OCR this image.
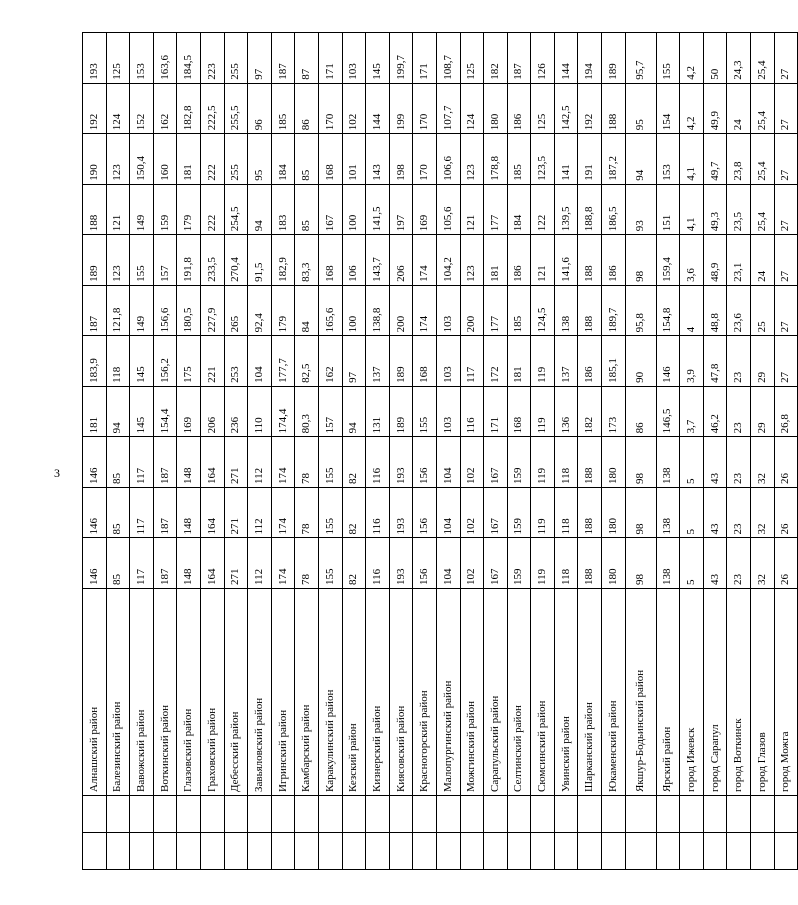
3
		Алнашский район	146	146	146	181	183,9	187	189	188	190	192	193
		Балезинский район	85	85	85	94	118	121,8	123	121	123	124	125
		Вавожский район	117	117	117	145	145	149	155	149	150,4	152	153
		Воткинский район	187	187	187	154,4	156,2	156,6	157	159	160	162	163,6
		Глазовский район	148	148	148	169	175	180,5	191,8	179	181	182,8	184,5
		Граховский район	164	164	164	206	221	227,9	233,5	222	222	222,5	223
		Дебесский район	271	271	271	236	253	265	270,4	254,5	255	255,5	255
		Завьяловский район	112	112	112	110	104	92,4	91,5	94	95	96	97
		Игринский район	174	174	174	174,4	177,7	179	182,9	183	184	185	187
		Камбарский район	78	78	78	80,3	82,5	84	83,3	85	85	86	87
		Каракулинский район	155	155	155	157	162	165,6	168	167	168	170	171
		Кезский район	82	82	82	94	97	100	106	100	101	102	103
		Кизнерский район	116	116	116	131	137	138,8	143,7	141,5	143	144	145
		Киясовский район	193	193	193	189	189	200	206	197	198	199	199,7
		Красногорский район	156	156	156	155	168	174	174	169	170	170	171
		Малопургинский район	104	104	104	103	103	103	104,2	105,6	106,6	107,7	108,7
		Можгинский район	102	102	102	116	117	200	123	121	123	124	125
		Сарапульский район	167	167	167	171	172	177	181	177	178,8	180	182
		Селтинский район	159	159	159	168	181	185	186	184	185	186	187
		Сюмсинский район	119	119	119	119	119	124,5	121	122	123,5	125	126
		Увинский район	118	118	118	136	137	138	141,6	139,5	141	142,5	144
		Шарканский район	188	188	188	182	186	188	188	188,8	191	192	194
		Юкаменский район	180	180	180	173	185,1	189,7	186	186,5	187,2	188	189
		Якшур-Бодьинский район	98	98	98	86	90	95,8	98	93	94	95	95,7
		Ярский район	138	138	138	146,5	146	154,8	159,4	151	153	154	155
		город Ижевск	5	5	5	3,7	3,9	4	3,6	4,1	4,1	4,2	4,2
		город Сарапул	43	43	43	46,2	47,8	48,8	48,9	49,3	49,7	49,9	50
		город Воткинск	23	23	23	23	23	23,6	23,1	23,5	23,8	24	24,3
		город Глазов	32	32	32	29	29	25	24	25,4	25,4	25,4	25,4
		город Можга	26	26	26	26,8	27	27	27	27	27	27	27
